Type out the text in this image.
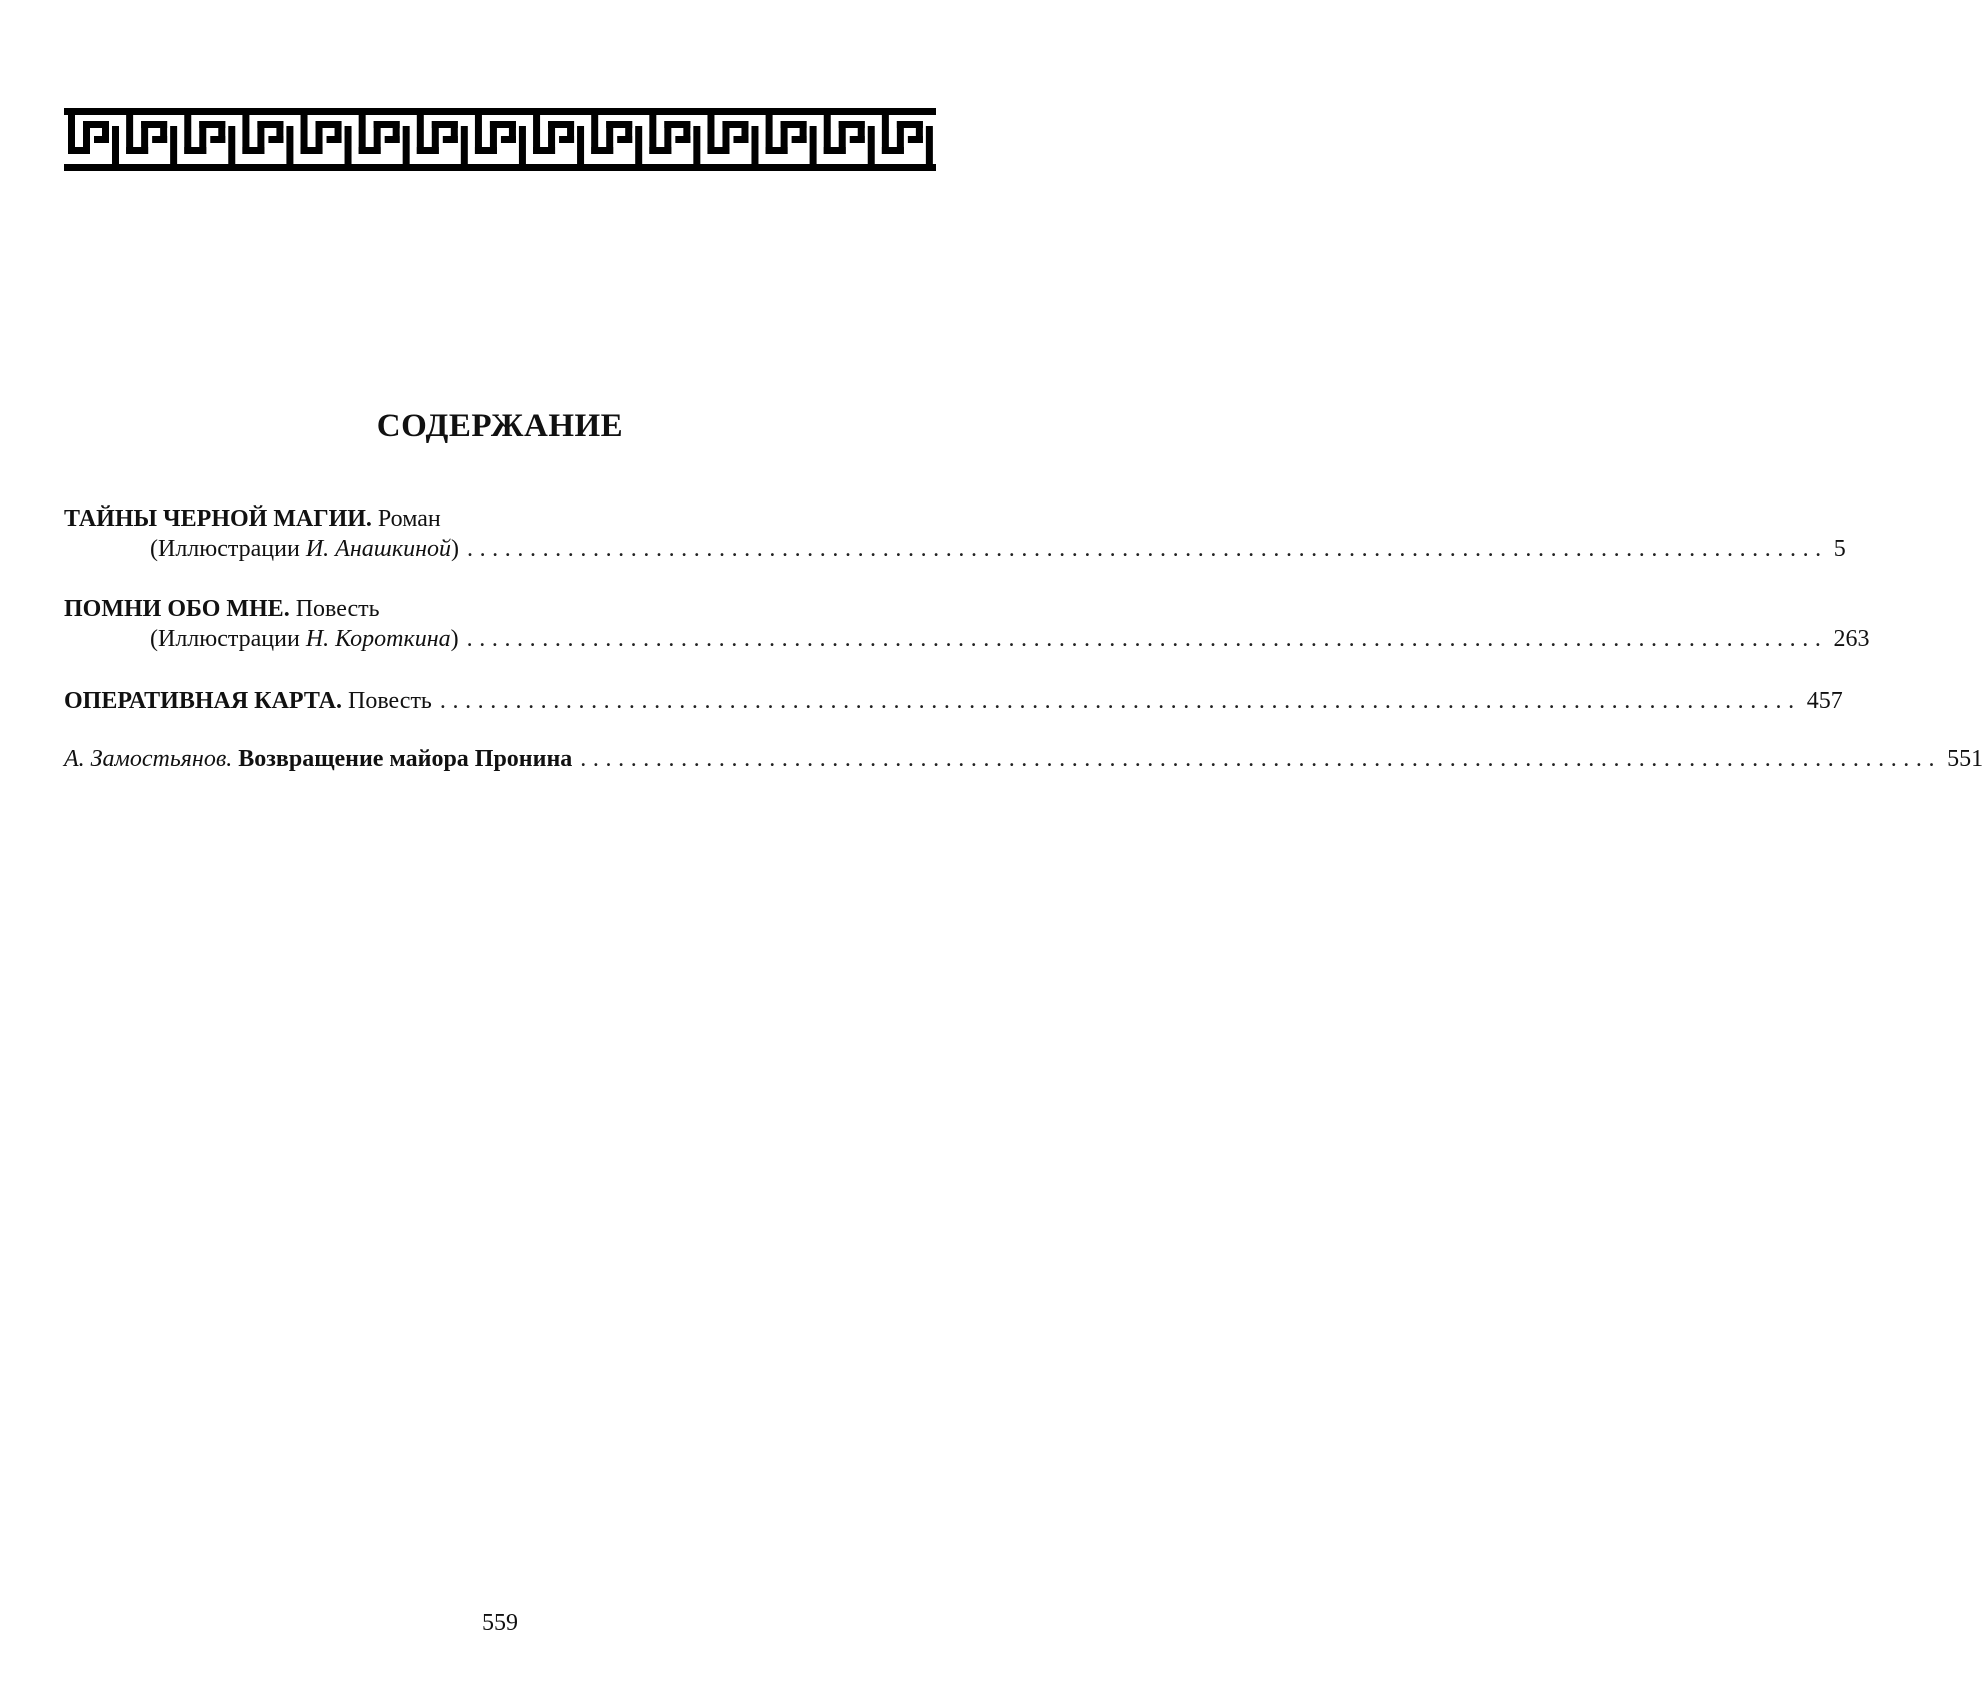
СОДЕРЖАНИЕ
ТАЙНЫ ЧЕРНОЙ МАГИИ. Роман
(Иллюстрации И. Анашкиной) ............................................................................................................ 5
ПОМНИ ОБО МНЕ. Повесть
(Иллюстрации Н. Короткина) ............................................................................................................ 263
ОПЕРАТИВНАЯ КАРТА. Повесть ............................................................................................................ 457
А. Замостьянов. Возвращение майора Пронина ............................................................................................................ 551
559
